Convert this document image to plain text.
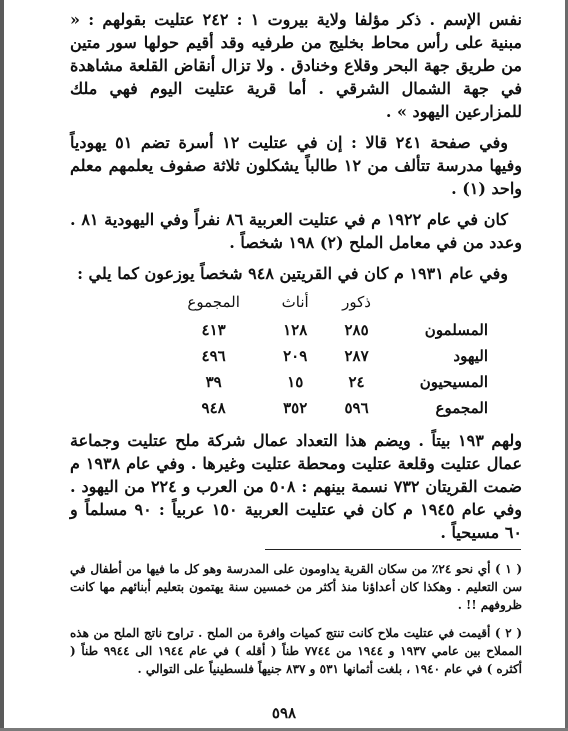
نفس الإسم . ذكر مؤلفا ولاية بيروت ١ : ٢٤٢ عتليت بقولهم : « مبنية على رأس محاط بخليج من طرفيه وقد أقيم حولها سور متين من طريق جهة البحر وقلاع وخنادق . ولا تزال أنقاض القلعة مشاهدة في جهة الشمال الشرقي . أما قرية عتليت اليوم فهي ملك للمزارعين اليهود » .

وفي صفحة ٢٤١ قالا : إن في عتليت ١٢ أسرة تضم ٥١ يهودياً وفيها مدرسة تتألف من ١٢ طالباً يشكلون ثلاثة صفوف يعلمهم معلم واحد (١) .

كان في عام ١٩٢٢ م في عتليت العربية ٨٦ نفراً وفي اليهودية ٨١ . وعدد من في معامل الملح (٢) ١٩٨ شخصاً .

وفي عام ١٩٣١ م كان في القريتين ٩٤٨ شخصاً يوزعون كما يلي :

	ذكور	أناث	المجموع
المسلمون	٢٨٥	١٢٨	٤١٣
اليهود	٢٨٧	٢٠٩	٤٩٦
المسيحيون	٢٤	١٥	٣٩
المجموع	٥٩٦	٣٥٢	٩٤٨

ولهم ١٩٣ بيتاً . ويضم هذا التعداد عمال شركة ملح عتليت وجماعة عمال عتليت وقلعة عتليت ومحطة عتليت وغيرها . وفي عام ١٩٣٨ م ضمت القريتان ٧٣٢ نسمة بينهم : ٥٠٨ من العرب و ٢٢٤ من اليهود . وفي عام ١٩٤٥ م كان في عتليت العربية ١٥٠ عربياً : ٩٠ مسلماً و ٦٠ مسيحياً .

( ١ ) أي نحو ٢٤٪ من سكان القرية يداومون على المدرسة وهو كل ما فيها من أطفال في سن التعليم . وهكذا كان أعداؤنا منذ أكثر من خمسين سنة يهتمون بتعليم أبنائهم مها كانت ظروفهم !! .

( ٢ ) أقيمت في عتليت ملاح كانت تنتج كميات وافرة من الملح . تراوح ناتج الملح من هذه المملاح بين عامي ١٩٣٧ و ١٩٤٤ من ٧٧٤٤ طناً ( أقله ) في عام ١٩٤٤ الى ٩٩٤٤ طناً ( أكثره ) في عام ١٩٤٠ ، بلغت أثمانها ٥٣١ و ٨٣٧ جنيهاً فلسطينياً على التوالي .

٥٩٨
